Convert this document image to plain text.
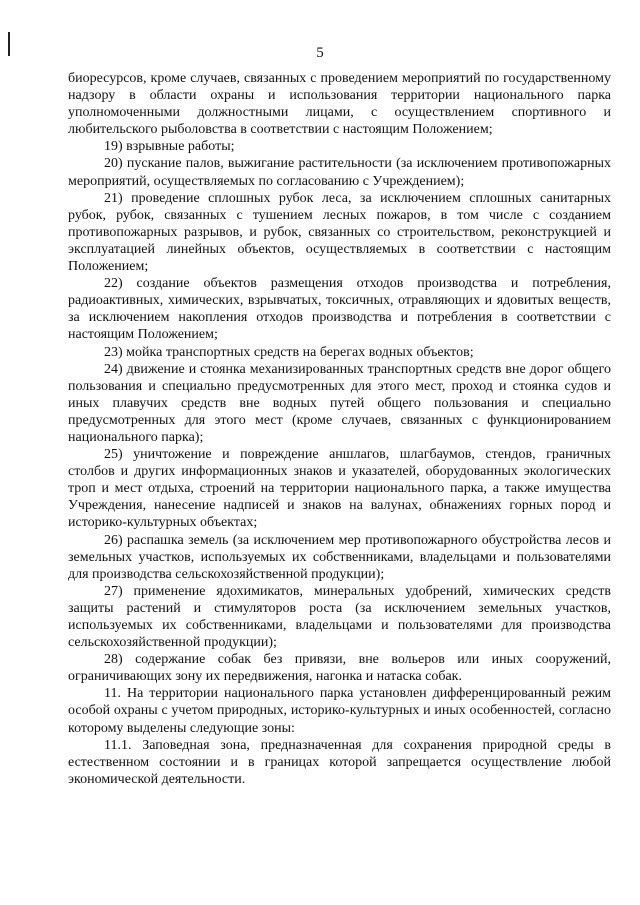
5

биоресурсов, кроме случаев, связанных с проведением мероприятий по государственному надзору в области охраны и использования территории национального парка уполномоченными должностными лицами, с осуществлением спортивного и любительского рыболовства в соответствии с настоящим Положением;

19) взрывные работы;

20) пускание палов, выжигание растительности (за исключением противопожарных мероприятий, осуществляемых по согласованию с Учреждением);

21) проведение сплошных рубок леса, за исключением сплошных санитарных рубок, рубок, связанных с тушением лесных пожаров, в том числе с созданием противопожарных разрывов, и рубок, связанных со строительством, реконструкцией и эксплуатацией линейных объектов, осуществляемых в соответствии с настоящим Положением;

22) создание объектов размещения отходов производства и потребления, радиоактивных, химических, взрывчатых, токсичных, отравляющих и ядовитых веществ, за исключением накопления отходов производства и потребления в соответствии с настоящим Положением;

23) мойка транспортных средств на берегах водных объектов;

24) движение и стоянка механизированных транспортных средств вне дорог общего пользования и специально предусмотренных для этого мест, проход и стоянка судов и иных плавучих средств вне водных путей общего пользования и специально предусмотренных для этого мест (кроме случаев, связанных с функционированием национального парка);

25) уничтожение и повреждение аншлагов, шлагбаумов, стендов, граничных столбов и других информационных знаков и указателей, оборудованных экологических троп и мест отдыха, строений на территории национального парка, а также имущества Учреждения, нанесение надписей и знаков на валунах, обнажениях горных пород и историко-культурных объектах;

26) распашка земель (за исключением мер противопожарного обустройства лесов и земельных участков, используемых их собственниками, владельцами и пользователями для производства сельскохозяйственной продукции);

27) применение ядохимикатов, минеральных удобрений, химических средств защиты растений и стимуляторов роста (за исключением земельных участков, используемых их собственниками, владельцами и пользователями для производства сельскохозяйственной продукции);

28) содержание собак без привязи, вне вольеров или иных сооружений, ограничивающих зону их передвижения, нагонка и натаска собак.

11. На территории национального парка установлен дифференцированный режим особой охраны с учетом природных, историко-культурных и иных особенностей, согласно которому выделены следующие зоны:

11.1. Заповедная зона, предназначенная для сохранения природной среды в естественном состоянии и в границах которой запрещается осуществление любой экономической деятельности.
